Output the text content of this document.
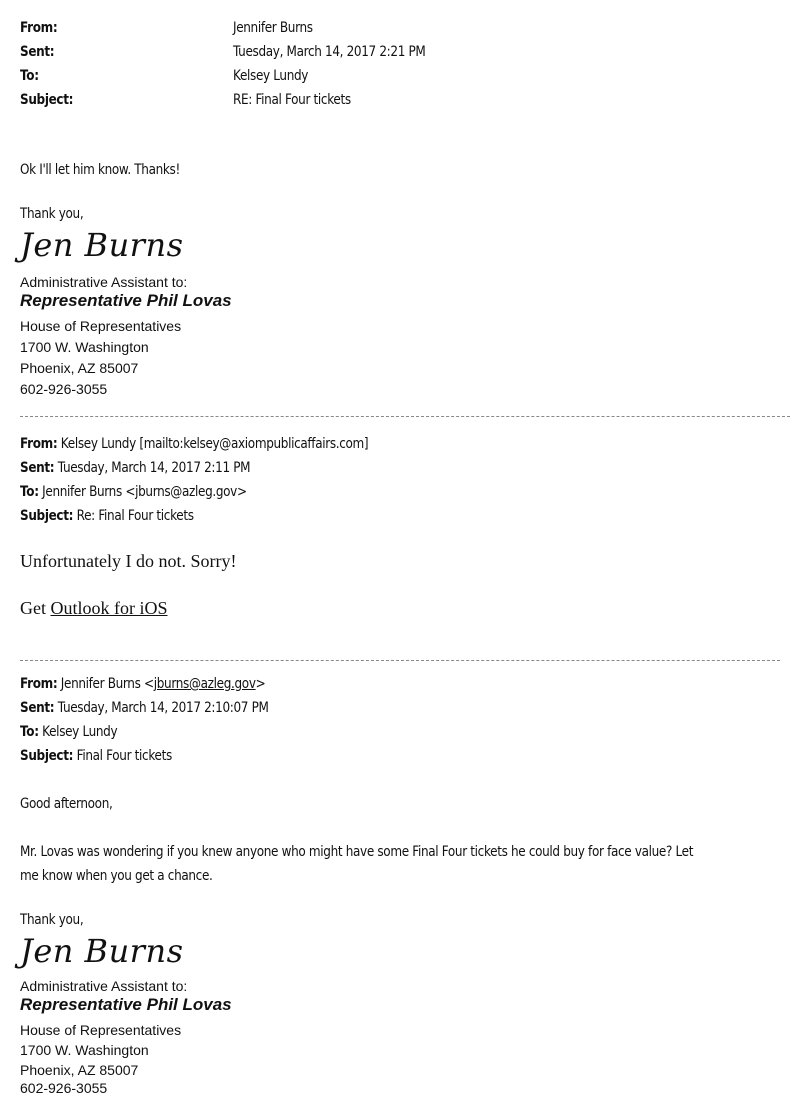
From:	Jennifer Burns
Sent:	Tuesday, March 14, 2017 2:21 PM
To:	Kelsey Lundy
Subject:	RE: Final Four tickets
Ok I'll let him know. Thanks!
Thank you,
Jen Burns
Administrative Assistant to:
Representative Phil Lovas
House of Representatives
1700 W. Washington
Phoenix, AZ 85007
602-926-3055
From: Kelsey Lundy [mailto:kelsey@axiompublicaffairs.com]
Sent: Tuesday, March 14, 2017 2:11 PM
To: Jennifer Burns <jburns@azleg.gov>
Subject: Re: Final Four tickets
Unfortunately I do not. Sorry!
Get Outlook for iOS
From: Jennifer Burns <jburns@azleg.gov>
Sent: Tuesday, March 14, 2017 2:10:07 PM
To: Kelsey Lundy
Subject: Final Four tickets
Good afternoon,
Mr. Lovas was wondering if you knew anyone who might have some Final Four tickets he could buy for face value? Let
me know when you get a chance.
Thank you,
Jen Burns
Administrative Assistant to:
Representative Phil Lovas
House of Representatives
1700 W. Washington
Phoenix, AZ 85007
602-926-3055
